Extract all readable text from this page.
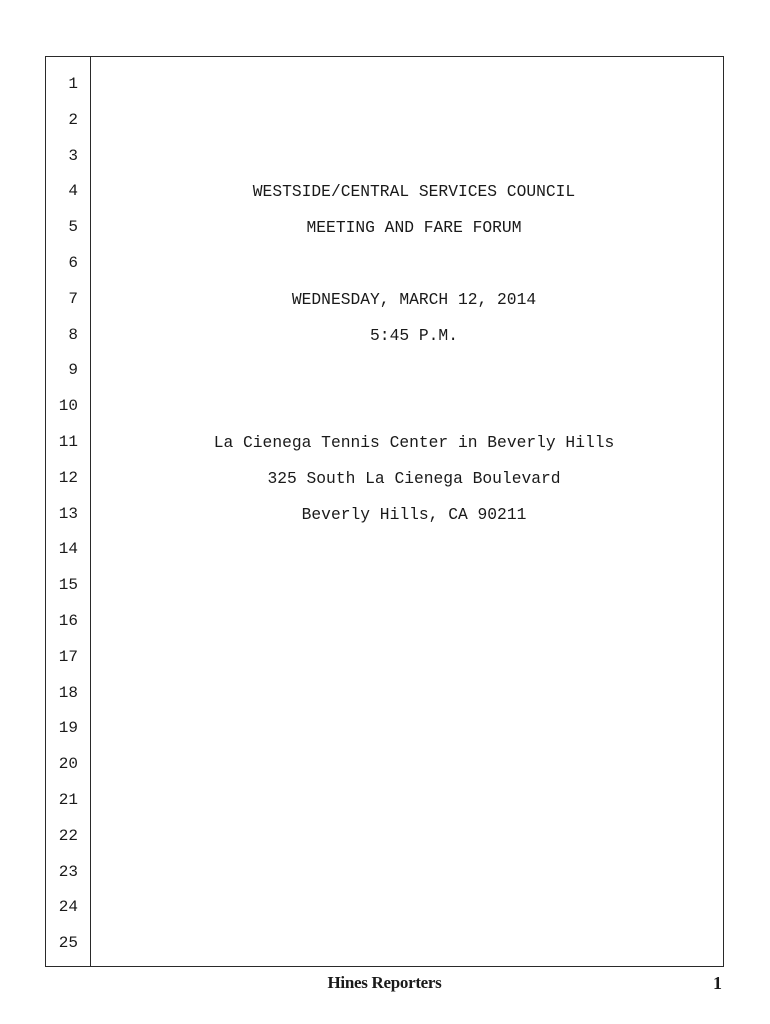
1
2
3
4
5
6
7
8
9
10
11
12
13
14
15
16
17
18
19
20
21
22
23
24
25
WESTSIDE/CENTRAL SERVICES COUNCIL
MEETING AND FARE FORUM
WEDNESDAY, MARCH 12, 2014
5:45 P.M.
La Cienega Tennis Center in Beverly Hills
325 South La Cienega Boulevard
Beverly Hills, CA 90211
Hines Reporters	1
